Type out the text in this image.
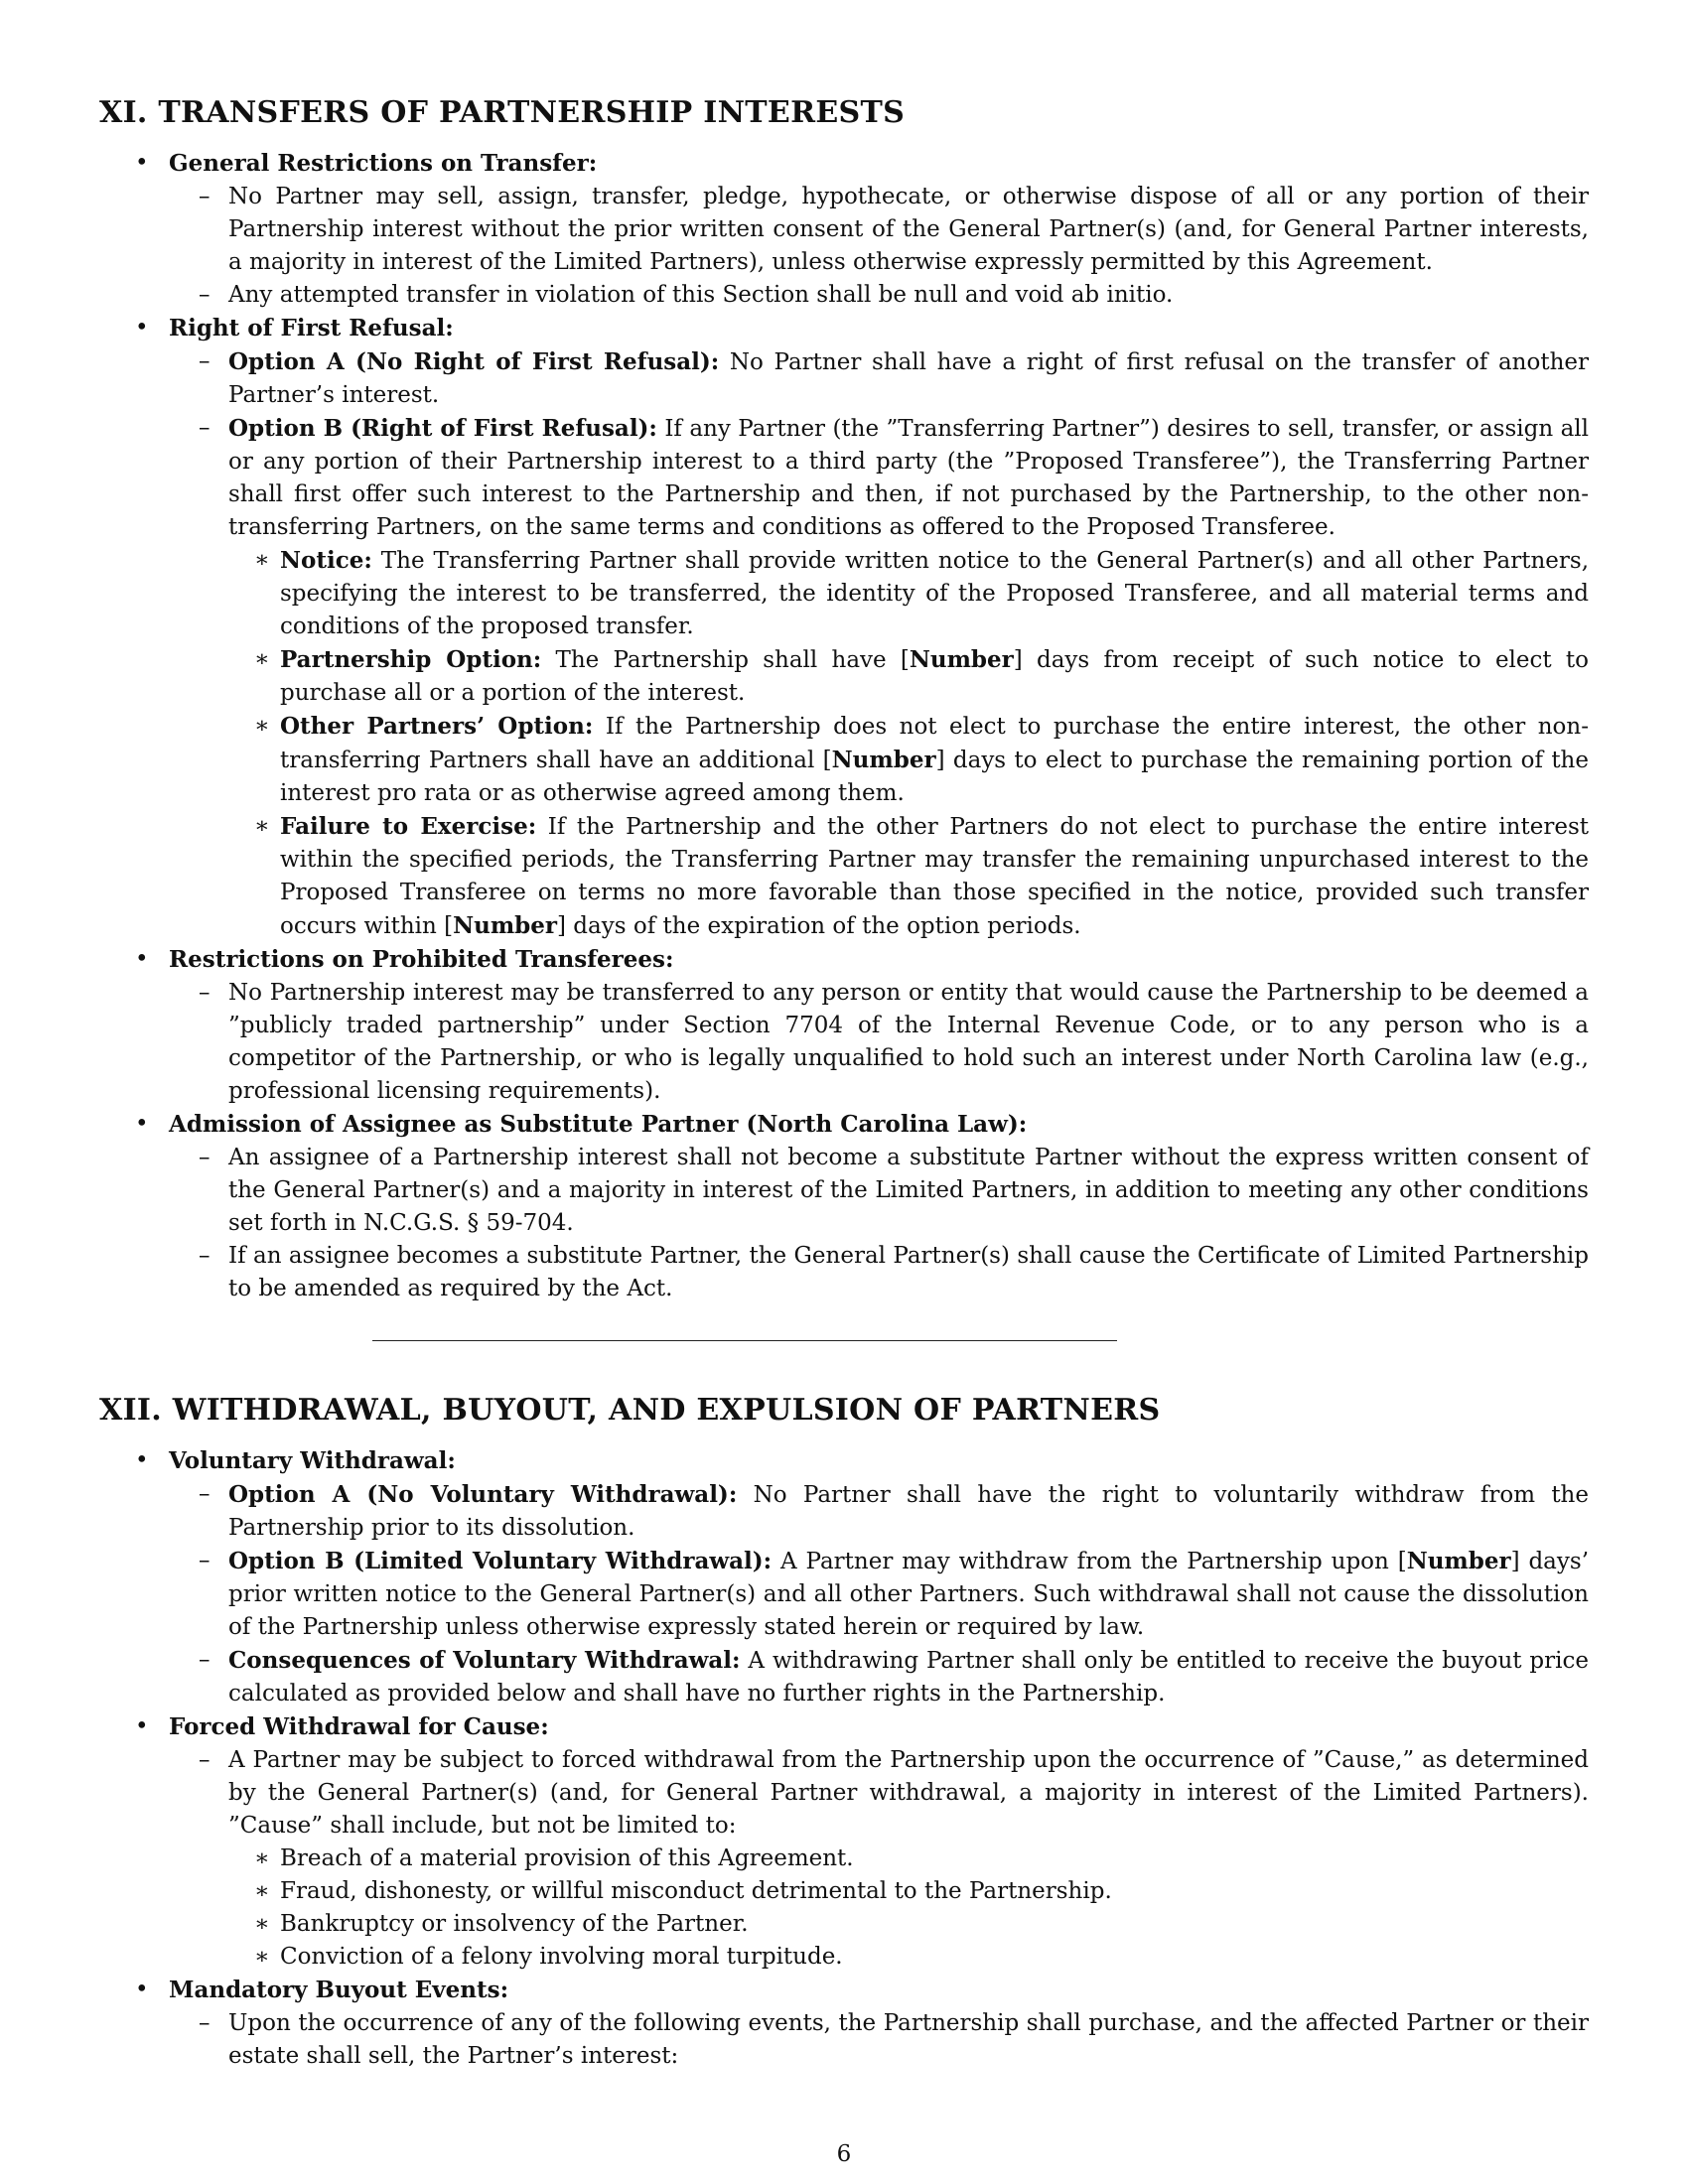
XI. TRANSFERS OF PARTNERSHIP INTERESTS
• General Restrictions on Transfer:
– No Partner may sell, assign, transfer, pledge, hypothecate, or otherwise dispose of all or any portion of their Partnership interest without the prior written consent of the General Partner(s) (and, for General Partner interests, a majority in interest of the Limited Partners), unless otherwise expressly permitted by this Agreement.
– Any attempted transfer in violation of this Section shall be null and void ab initio.
• Right of First Refusal:
– Option A (No Right of First Refusal): No Partner shall have a right of first refusal on the transfer of another Partner’s interest.
– Option B (Right of First Refusal): If any Partner (the ”Transferring Partner”) desires to sell, transfer, or assign all or any portion of their Partnership interest to a third party (the ”Proposed Transferee”), the Transferring Partner shall first offer such interest to the Partnership and then, if not purchased by the Partnership, to the other non-transferring Partners, on the same terms and conditions as offered to the Proposed Transferee.
∗ Notice: The Transferring Partner shall provide written notice to the General Partner(s) and all other Partners, specifying the interest to be transferred, the identity of the Proposed Transferee, and all material terms and conditions of the proposed transfer.
∗ Partnership Option: The Partnership shall have [Number] days from receipt of such notice to elect to purchase all or a portion of the interest.
∗ Other Partners’ Option: If the Partnership does not elect to purchase the entire interest, the other non-transferring Partners shall have an additional [Number] days to elect to purchase the remaining portion of the interest pro rata or as otherwise agreed among them.
∗ Failure to Exercise: If the Partnership and the other Partners do not elect to purchase the entire interest within the specified periods, the Transferring Partner may transfer the remaining unpurchased interest to the Proposed Transferee on terms no more favorable than those specified in the notice, provided such transfer occurs within [Number] days of the expiration of the option periods.
• Restrictions on Prohibited Transferees:
– No Partnership interest may be transferred to any person or entity that would cause the Partnership to be deemed a ”publicly traded partnership” under Section 7704 of the Internal Revenue Code, or to any person who is a competitor of the Partnership, or who is legally unqualified to hold such an interest under North Carolina law (e.g., professional licensing requirements).
• Admission of Assignee as Substitute Partner (North Carolina Law):
– An assignee of a Partnership interest shall not become a substitute Partner without the express written consent of the General Partner(s) and a majority in interest of the Limited Partners, in addition to meeting any other conditions set forth in N.C.G.S. § 59-704.
– If an assignee becomes a substitute Partner, the General Partner(s) shall cause the Certificate of Limited Partnership to be amended as required by the Act.
XII. WITHDRAWAL, BUYOUT, AND EXPULSION OF PARTNERS
• Voluntary Withdrawal:
– Option A (No Voluntary Withdrawal): No Partner shall have the right to voluntarily withdraw from the Partnership prior to its dissolution.
– Option B (Limited Voluntary Withdrawal): A Partner may withdraw from the Partnership upon [Number] days’ prior written notice to the General Partner(s) and all other Partners. Such withdrawal shall not cause the dissolution of the Partnership unless otherwise expressly stated herein or required by law.
– Consequences of Voluntary Withdrawal: A withdrawing Partner shall only be entitled to receive the buyout price calculated as provided below and shall have no further rights in the Partnership.
• Forced Withdrawal for Cause:
– A Partner may be subject to forced withdrawal from the Partnership upon the occurrence of ”Cause,” as determined by the General Partner(s) (and, for General Partner withdrawal, a majority in interest of the Limited Partners). ”Cause” shall include, but not be limited to:
∗ Breach of a material provision of this Agreement.
∗ Fraud, dishonesty, or willful misconduct detrimental to the Partnership.
∗ Bankruptcy or insolvency of the Partner.
∗ Conviction of a felony involving moral turpitude.
• Mandatory Buyout Events:
– Upon the occurrence of any of the following events, the Partnership shall purchase, and the affected Partner or their estate shall sell, the Partner’s interest:
6
